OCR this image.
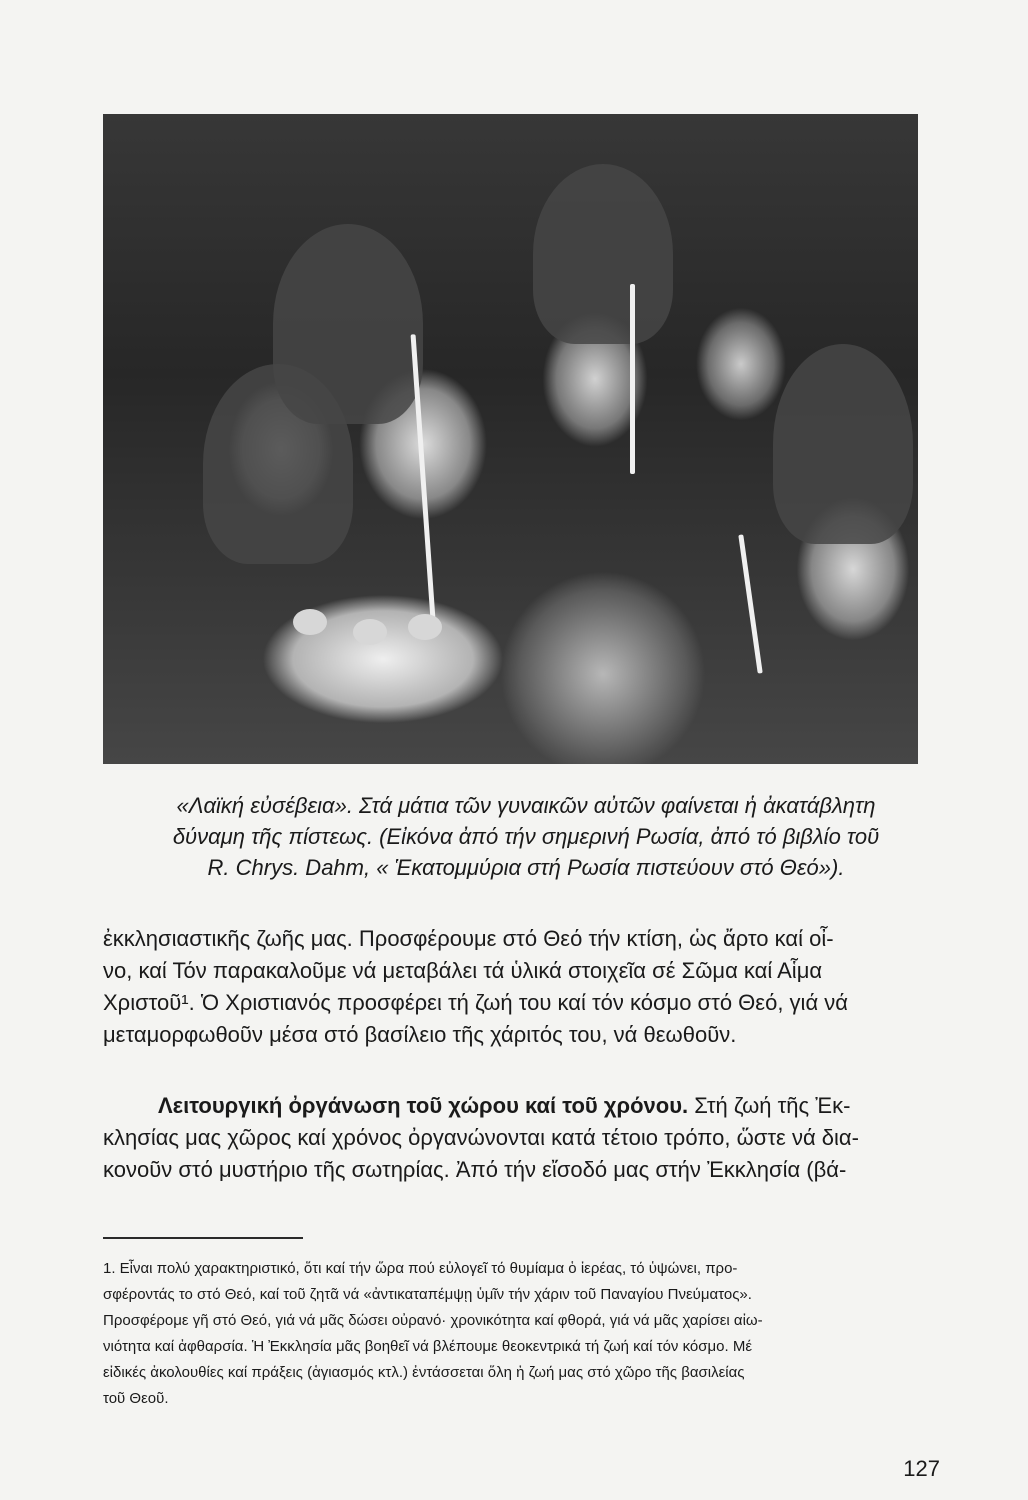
«Λαϊκή εὐσέβεια». Στά μάτια τῶν γυναικῶν αὐτῶν φαίνεται ἡ ἀκατάβλητη
δύναμη τῆς πίστεως. (Εἰκόνα ἀπό τήν σημερινή Ρωσία, ἀπό τό βιβλίο τοῦ
R. Chrys. Dahm, « Ἑκατομμύρια στή Ρωσία πιστεύουν στό Θεό»).
ἐκκλησιαστικῆς ζωῆς μας. Προσφέρουμε στό Θεό τήν κτίση, ὡς ἄρτο καί οἶ-
νο, καί Τόν παρακαλοῦμε νά μεταβάλει τά ὑλικά στοιχεῖα σέ Σῶμα καί Αἷμα
Χριστοῦ¹. Ὁ Χριστιανός προσφέρει τή ζωή του καί τόν κόσμο στό Θεό, γιά νά
μεταμορφωθοῦν μέσα στό βασίλειο τῆς χάριτός του, νά θεωθοῦν.
Λειτουργική ὀργάνωση τοῦ χώρου καί τοῦ χρόνου. Στή ζωή τῆς Ἐκ-
κλησίας μας χῶρος καί χρόνος ὀργανώνονται κατά τέτοιο τρόπο, ὥστε νά δια-
κονοῦν στό μυστήριο τῆς σωτηρίας. Ἀπό τήν εἴσοδό μας στήν Ἐκκλησία (βά-
1. Εἶναι πολύ χαρακτηριστικό, ὅτι καί τήν ὥρα πού εὐλογεῖ τό θυμίαμα ὁ ἱερέας, τό ὑψώνει, προ-
σφέροντάς το στό Θεό, καί τοῦ ζητᾶ νά «ἀντικαταπέμψῃ ὑμῖν τήν χάριν τοῦ Παναγίου Πνεύματος».
Προσφέρομε γῆ στό Θεό, γιά νά μᾶς δώσει οὐρανό· χρονικότητα καί φθορά, γιά νά μᾶς χαρίσει αἰω-
νιότητα καί ἀφθαρσία. Ἡ Ἐκκλησία μᾶς βοηθεῖ νά βλέπουμε θεοκεντρικά τή ζωή καί τόν κόσμο. Μέ
εἰδικές ἀκολουθίες καί πράξεις (ἁγιασμός κτλ.) ἐντάσσεται ὅλη ἡ ζωή μας στό χῶρο τῆς βασιλείας
τοῦ Θεοῦ.
127
